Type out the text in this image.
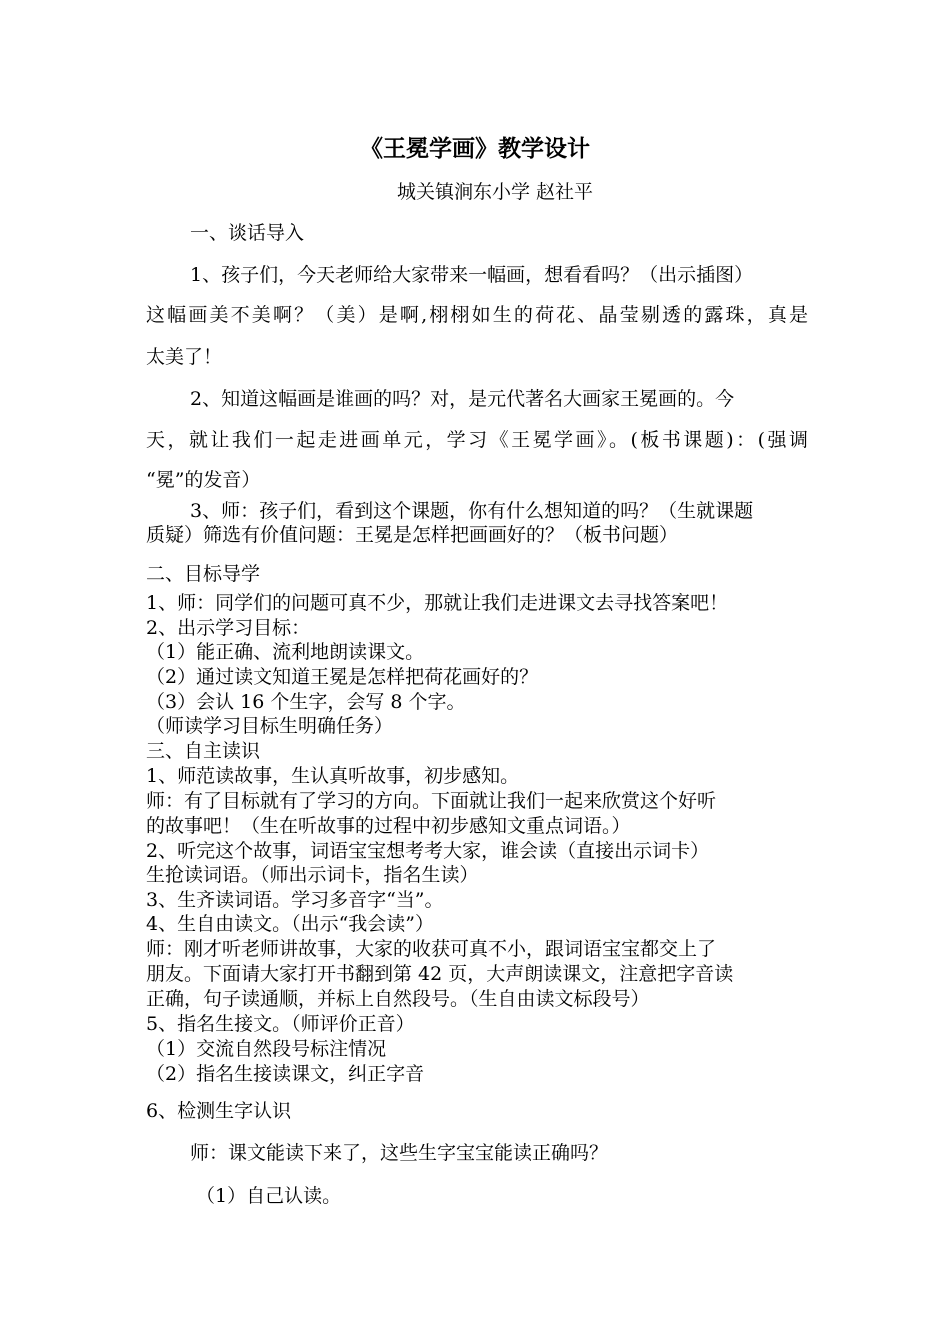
《王冕学画》教学设计
城关镇涧东小学 赵社平
一、谈话导入
1、孩子们，今天老师给大家带来一幅画，想看看吗？（出示插图）
这幅画美不美啊？（美）是啊,栩栩如生的荷花、晶莹剔透的露珠，真是
太美了！
2、知道这幅画是谁画的吗？对，是元代著名大画家王冕画的。今
天，就让我们一起走进画单元，学习《王冕学画》。(板书课题)：(强调
“冕”的发音）
3、师：孩子们，看到这个课题，你有什么想知道的吗？（生就课题
质疑）筛选有价值问题：王冕是怎样把画画好的？（板书问题）
二、目标导学
1、师：同学们的问题可真不少，那就让我们走进课文去寻找答案吧！
2、出示学习目标：
（1）能正确、流利地朗读课文。
（2）通过读文知道王冕是怎样把荷花画好的？
（3）会认 16 个生字，会写 8 个字。
（师读学习目标生明确任务）
三、自主读识
1、师范读故事，生认真听故事，初步感知。
师：有了目标就有了学习的方向。下面就让我们一起来欣赏这个好听
的故事吧！（生在听故事的过程中初步感知文重点词语。）
2、听完这个故事，词语宝宝想考考大家，谁会读（直接出示词卡）
生抢读词语。（师出示词卡，指名生读）
3、生齐读词语。学习多音字“当”。
4、生自由读文。（出示“我会读”）
师：刚才听老师讲故事，大家的收获可真不小，跟词语宝宝都交上了
朋友。下面请大家打开书翻到第 42 页，大声朗读课文，注意把字音读
正确，句子读通顺，并标上自然段号。（生自由读文标段号）
5、指名生接文。（师评价正音）
（1）交流自然段号标注情况
（2）指名生接读课文，纠正字音
6、检测生字认识
师：课文能读下来了，这些生字宝宝能读正确吗？
（1）自己认读。
